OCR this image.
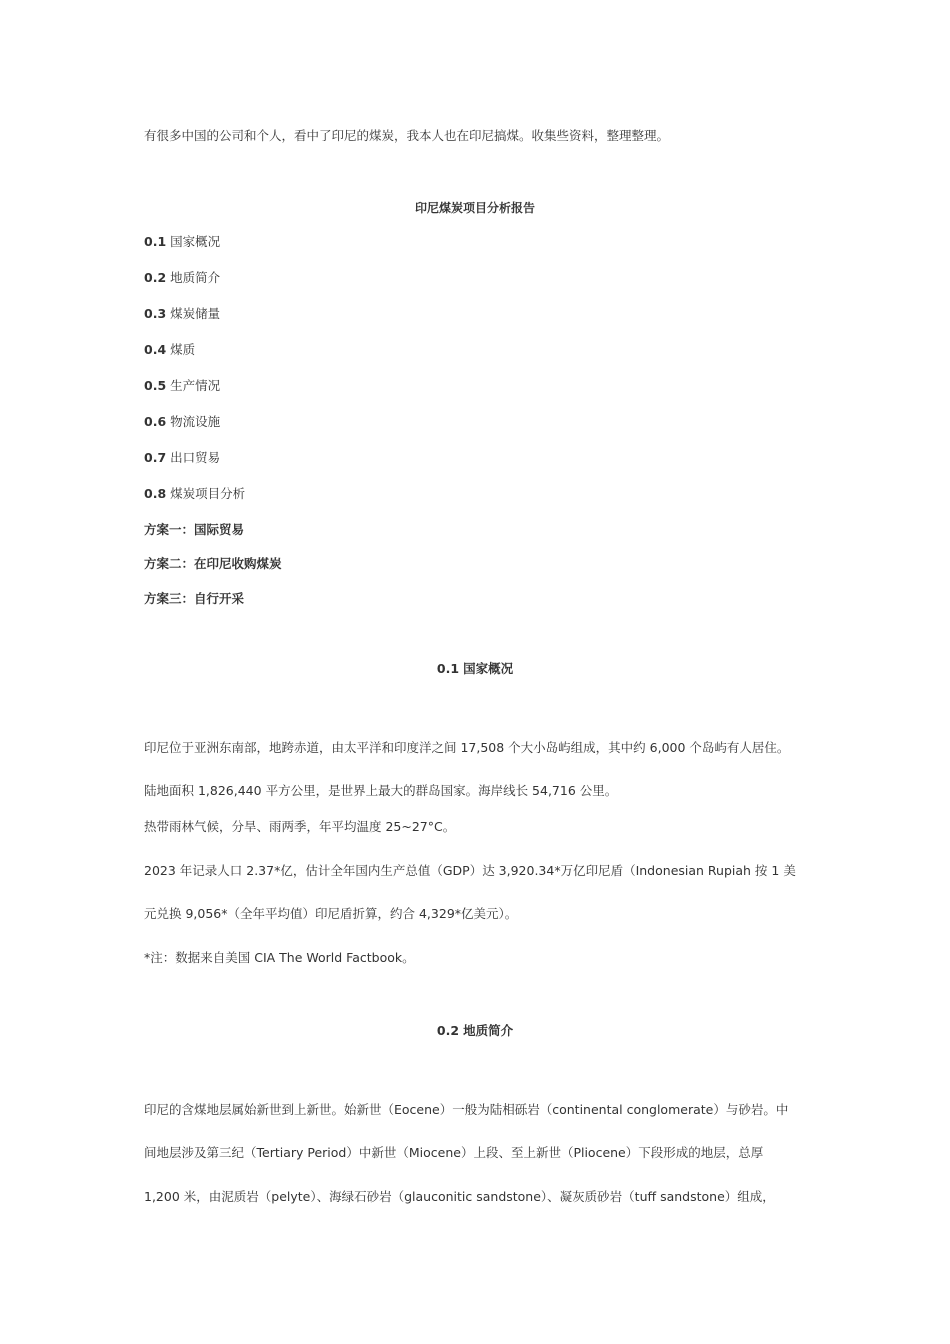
有很多中国的公司和个人，看中了印尼的煤炭，我本人也在印尼搞煤。收集些资料，整理整理。
印尼煤炭项目分析报告
0.1 国家概况
0.2 地质简介
0.3 煤炭储量
0.4 煤质
0.5 生产情况
0.6 物流设施
0.7 出口贸易
0.8 煤炭项目分析
方案一：国际贸易
方案二：在印尼收购煤炭
方案三：自行开采
0.1 国家概况
印尼位于亚洲东南部，地跨赤道，由太平洋和印度洋之间 17,508 个大小岛屿组成，其中约 6,000 个岛屿有人居住。
陆地面积 1,826,440 平方公里，是世界上最大的群岛国家。海岸线长 54,716 公里。
热带雨林气候，分旱、雨两季，年平均温度 25~27°C。
2023 年记录人口 2.37*亿，估计全年国内生产总值（GDP）达 3,920.34*万亿印尼盾（Indonesian Rupiah 按 1 美
元兑换 9,056*（全年平均值）印尼盾折算，约合 4,329*亿美元）。
*注：数据来自美国 CIA The World Factbook。
0.2 地质简介
印尼的含煤地层属始新世到上新世。始新世（Eocene）一般为陆相砾岩（continental conglomerate）与砂岩。中
间地层涉及第三纪（Tertiary Period）中新世（Miocene）上段、至上新世（Pliocene）下段形成的地层，总厚
1,200 米，由泥质岩（pelyte）、海绿石砂岩（glauconitic sandstone）、凝灰质砂岩（tuff sandstone）组成，
